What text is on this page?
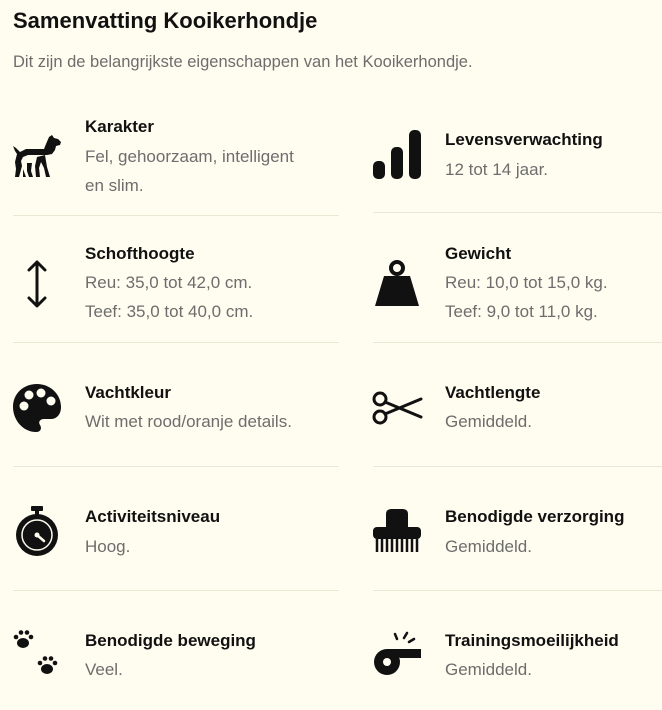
Samenvatting Kooikerhondje
Dit zijn de belangrijkste eigenschappen van het Kooikerhondje.
Karakter
Fel, gehoorzaam, intelligent
en slim.
Levensverwachting
12 tot 14 jaar.
Schofthoogte
Reu: 35,0 tot 42,0 cm.
Teef: 35,0 tot 40,0 cm.
Gewicht
Reu: 10,0 tot 15,0 kg.
Teef: 9,0 tot 11,0 kg.
Vachtkleur
Wit met rood/oranje details.
Vachtlengte
Gemiddeld.
Activiteitsniveau
Hoog.
Benodigde verzorging
Gemiddeld.
Benodigde beweging
Veel.
Trainingsmoeilijkheid
Gemiddeld.
